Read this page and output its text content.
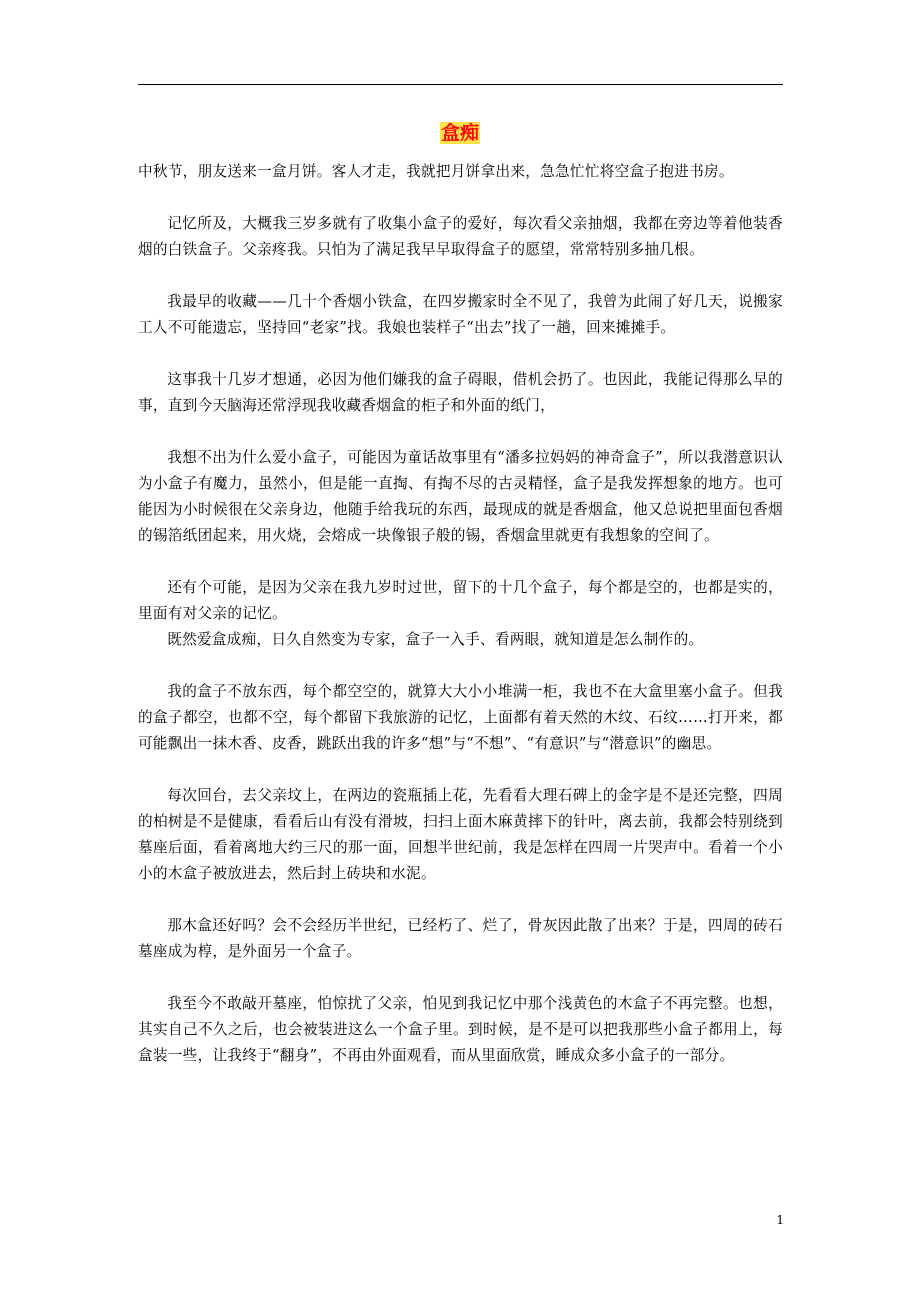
盒痴

中秋节，朋友送来一盒月饼。客人才走，我就把月饼拿出来，急急忙忙将空盒子抱进书房。

记忆所及，大概我三岁多就有了收集小盒子的爱好，每次看父亲抽烟，我都在旁边等着他装香烟的白铁盒子。父亲疼我。只怕为了满足我早早取得盒子的愿望，常常特别多抽几根。

我最早的收藏——几十个香烟小铁盒，在四岁搬家时全不见了，我曾为此闹了好几天，说搬家工人不可能遗忘，坚持回“老家”找。我娘也装样子“出去”找了一趟，回来摊摊手。

这事我十几岁才想通，必因为他们嫌我的盒子碍眼，借机会扔了。也因此，我能记得那么早的事，直到今天脑海还常浮现我收藏香烟盒的柜子和外面的纸门，

我想不出为什么爱小盒子，可能因为童话故事里有“潘多拉妈妈的神奇盒子”，所以我潜意识认为小盒子有魔力，虽然小，但是能一直掏、有掏不尽的古灵精怪，盒子是我发挥想象的地方。也可能因为小时候很在父亲身边，他随手给我玩的东西，最现成的就是香烟盒，他又总说把里面包香烟的锡箔纸团起来，用火烧，会熔成一块像银子般的锡，香烟盒里就更有我想象的空间了。

还有个可能，是因为父亲在我九岁时过世，留下的十几个盒子，每个都是空的，也都是实的，里面有对父亲的记忆。

既然爱盒成痴，日久自然变为专家，盒子一入手、看两眼，就知道是怎么制作的。

我的盒子不放东西，每个都空空的，就算大大小小堆满一柜，我也不在大盒里塞小盒子。但我的盒子都空，也都不空，每个都留下我旅游的记忆，上面都有着天然的木纹、石纹……打开来，都可能飘出一抹木香、皮香，跳跃出我的许多“想”与“不想”、“有意识”与“潜意识”的幽思。

每次回台，去父亲坟上，在两边的瓷瓶插上花，先看看大理石碑上的金字是不是还完整，四周的柏树是不是健康，看看后山有没有滑坡，扫扫上面木麻黄摔下的针叶，离去前，我都会特别绕到墓座后面，看着离地大约三尺的那一面，回想半世纪前，我是怎样在四周一片哭声中。看着一个小小的木盒子被放进去，然后封上砖块和水泥。

那木盒还好吗？会不会经历半世纪，已经朽了、烂了，骨灰因此散了出来？于是，四周的砖石墓座成为椁，是外面另一个盒子。

我至今不敢敲开墓座，怕惊扰了父亲，怕见到我记忆中那个浅黄色的木盒子不再完整。也想，其实自己不久之后，也会被装进这么一个盒子里。到时候，是不是可以把我那些小盒子都用上，每盒装一些，让我终于“翻身”，不再由外面观看，而从里面欣赏，睡成众多小盒子的一部分。

1
